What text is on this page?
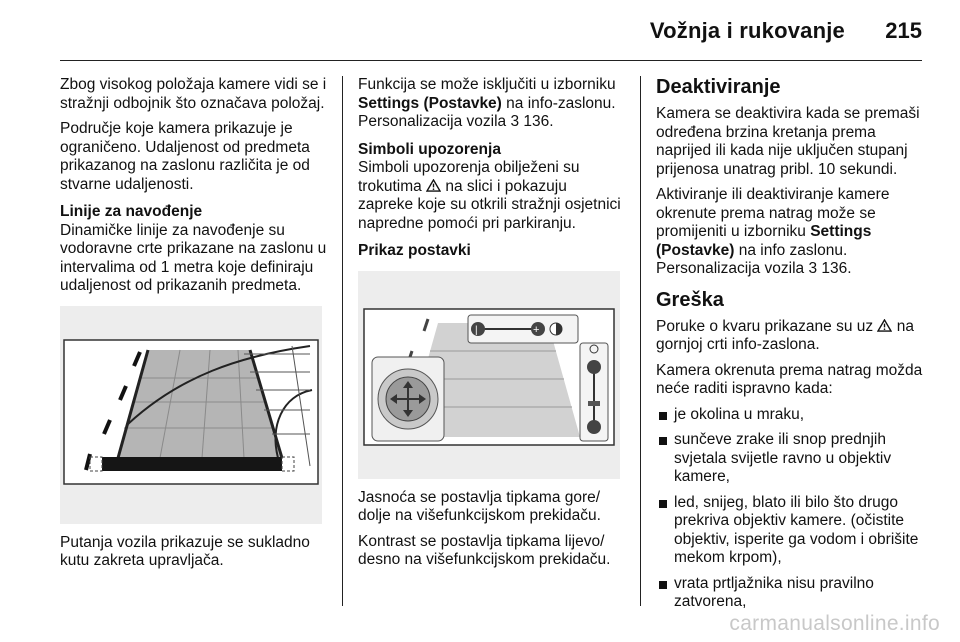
Vožnja i rukovanje	215

Zbog visokog položaja kamere vidi se i stražnji odbojnik što označava položaj.

Područje koje kamera prikazuje je ograničeno. Udaljenost od predmeta prikazanog na zaslonu različita je od stvarne udaljenosti.

Linije za navođenje

Dinamičke linije za navođenje su vodoravne crte prikazane na zaslonu u intervalima od 1 metra koje definiraju udaljenost od prikazanih predmeta.

Putanja vozila prikazuje se sukladno kutu zakreta upravljača.

Funkcija se može isključiti u izborniku Settings (Postavke) na info-zaslonu. Personalizacija vozila 3 136.

Simboli upozorenja

Simboli upozorenja obilježeni su trokutima  na slici i pokazuju zapreke koje su otkrili stražnji osjetnici napredne pomoći pri parkiranju.

Prikaz postavki

|	+

Jasnoća se postavlja tipkama gore/ dolje na višefunkcijskom prekidaču.

Kontrast se postavlja tipkama lijevo/ desno na višefunkcijskom prekidaču.

Deaktiviranje

Kamera se deaktivira kada se premaši određena brzina kretanja prema naprijed ili kada nije uključen stupanj prijenosa unatrag pribl. 10 sekundi.

Aktiviranje ili deaktiviranje kamere okrenute prema natrag može se promijeniti u izborniku Settings (Postavke) na info zaslonu. Personalizacija vozila 3 136.

Greška

Poruke o kvaru prikazane su uz  na gornjoj crti info-zaslona.

Kamera okrenuta prema natrag možda neće raditi ispravno kada:

je okolina u mraku,

sunčeve zrake ili snop prednjih svjetala svijetle ravno u objektiv kamere,

led, snijeg, blato ili bilo što drugo prekriva objektiv kamere. (očistite objektiv, isperite ga vodom i obrišite mekom krpom),

vrata prtljažnika nisu pravilno zatvorena,

carmanualsonline.info
